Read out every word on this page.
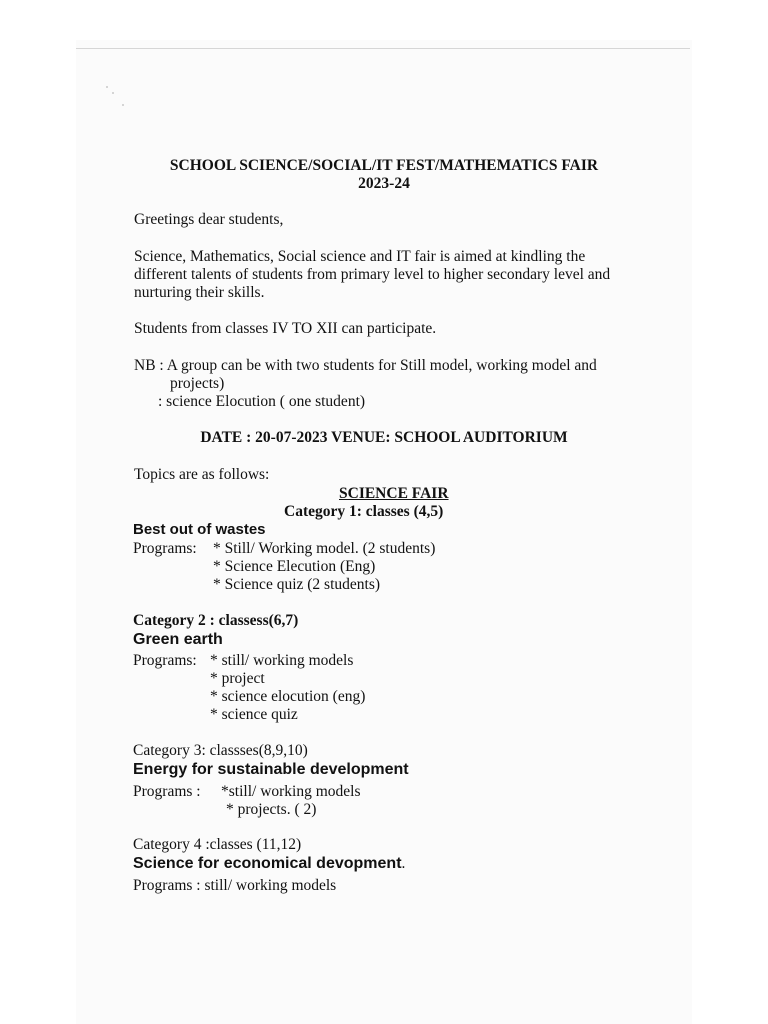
SCHOOL SCIENCE/SOCIAL/IT FEST/MATHEMATICS FAIR
2023-24
Greetings dear students,
Science, Mathematics, Social science and IT fair is aimed at kindling the
different talents of students from primary level to higher secondary level and
nurturing their skills.
Students from classes IV TO XII can participate.
NB : A group can be with two students for Still model, working model and
projects)
: science Elocution ( one student)
DATE : 20-07-2023 VENUE: SCHOOL AUDITORIUM
Topics are as follows:
SCIENCE FAIR
Category 1: classes (4,5)
Best out of wastes
Programs: * Still/ Working model. (2 students)
* Science Elecution (Eng)
* Science quiz (2 students)
Category 2 : classess(6,7)
Green earth
Programs: * still/ working models
* project
* science elocution (eng)
* science quiz
Category 3: classses(8,9,10)
Energy for sustainable development
Programs : *still/ working models
* projects. ( 2)
Category 4 :classes (11,12)
Science for economical devopment.
Programs : still/ working models
